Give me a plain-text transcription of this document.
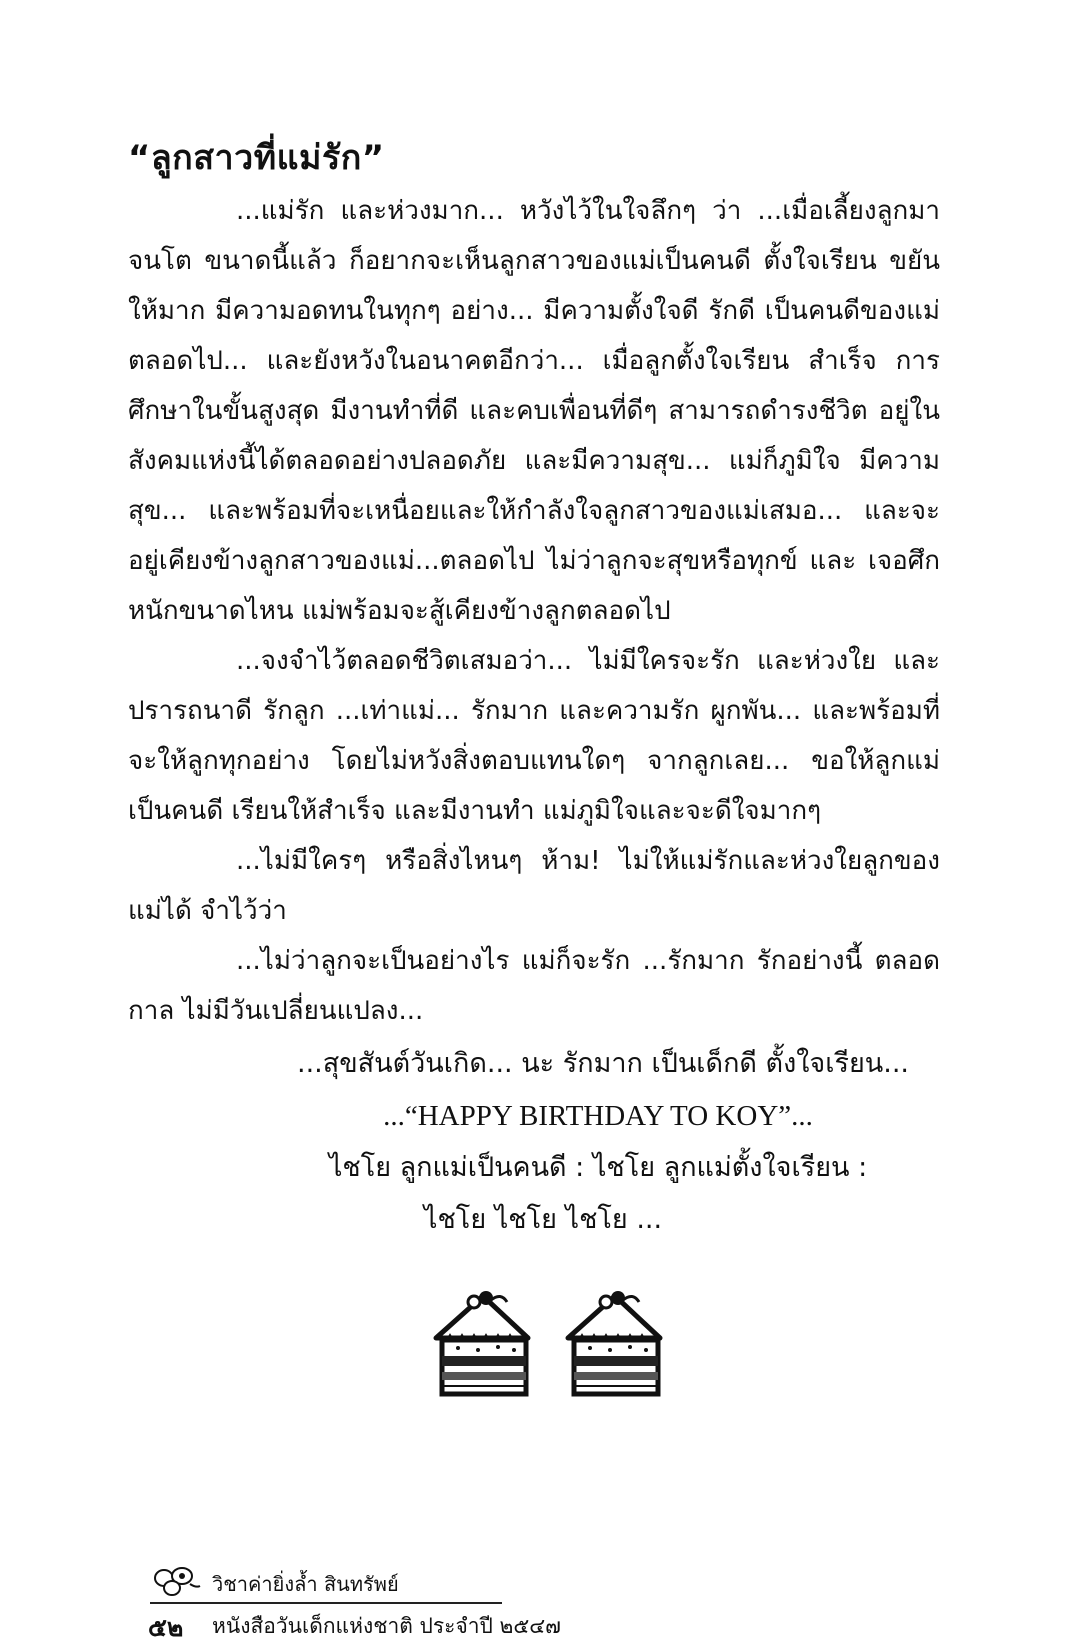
“ลูกสาวที่แม่รัก”

...แม่รัก และห่วงมาก... หวังไว้ในใจลึกๆ ว่า ...เมื่อเลี้ยงลูกมาจนโต ขนาดนี้แล้ว ก็อยากจะเห็นลูกสาวของแม่เป็นคนดี ตั้งใจเรียน ขยันให้มาก มีความอดทนในทุกๆ อย่าง... มีความตั้งใจดี รักดี เป็นคนดีของแม่ ตลอดไป... และยังหวังในอนาคตอีกว่า... เมื่อลูกตั้งใจเรียน สำเร็จ การศึกษาในขั้นสูงสุด มีงานทำที่ดี และคบเพื่อนที่ดีๆ สามารถดำรงชีวิต อยู่ในสังคมแห่งนี้ได้ตลอดอย่างปลอดภัย และมีความสุข... แม่ก็ภูมิใจ มีความสุข... และพร้อมที่จะเหนื่อยและให้กำลังใจลูกสาวของแม่เสมอ... และจะอยู่เคียงข้างลูกสาวของแม่...ตลอดไป ไม่ว่าลูกจะสุขหรือทุกข์ และ เจอศึกหนักขนาดไหน แม่พร้อมจะสู้เคียงข้างลูกตลอดไป

...จงจำไว้ตลอดชีวิตเสมอว่า... ไม่มีใครจะรัก และห่วงใย และ ปรารถนาดี รักลูก ...เท่าแม่... รักมาก และความรัก ผูกพัน... และพร้อมที่ จะให้ลูกทุกอย่าง โดยไม่หวังสิ่งตอบแทนใดๆ จากลูกเลย... ขอให้ลูกแม่ เป็นคนดี เรียนให้สำเร็จ และมีงานทำ แม่ภูมิใจและจะดีใจมากๆ

...ไม่มีใครๆ หรือสิ่งไหนๆ ห้าม! ไม่ให้แม่รักและห่วงใยลูกของแม่ได้ จำไว้ว่า

...ไม่ว่าลูกจะเป็นอย่างไร แม่ก็จะรัก ...รักมาก รักอย่างนี้ ตลอดกาล ไม่มีวันเปลี่ยนแปลง...

...สุขสันต์วันเกิด... นะ รักมาก เป็นเด็กดี ตั้งใจเรียน...
...“HAPPY BIRTHDAY TO KOY”...
ไชโย ลูกแม่เป็นคนดี : ไชโย ลูกแม่ตั้งใจเรียน :
ไชโย ไชโย ไชโย ...
วิชาค่ายิ่งล้ำ สินทรัพย์
๕๒ หนังสือวันเด็กแห่งชาติ ประจำปี ๒๕๔๗
